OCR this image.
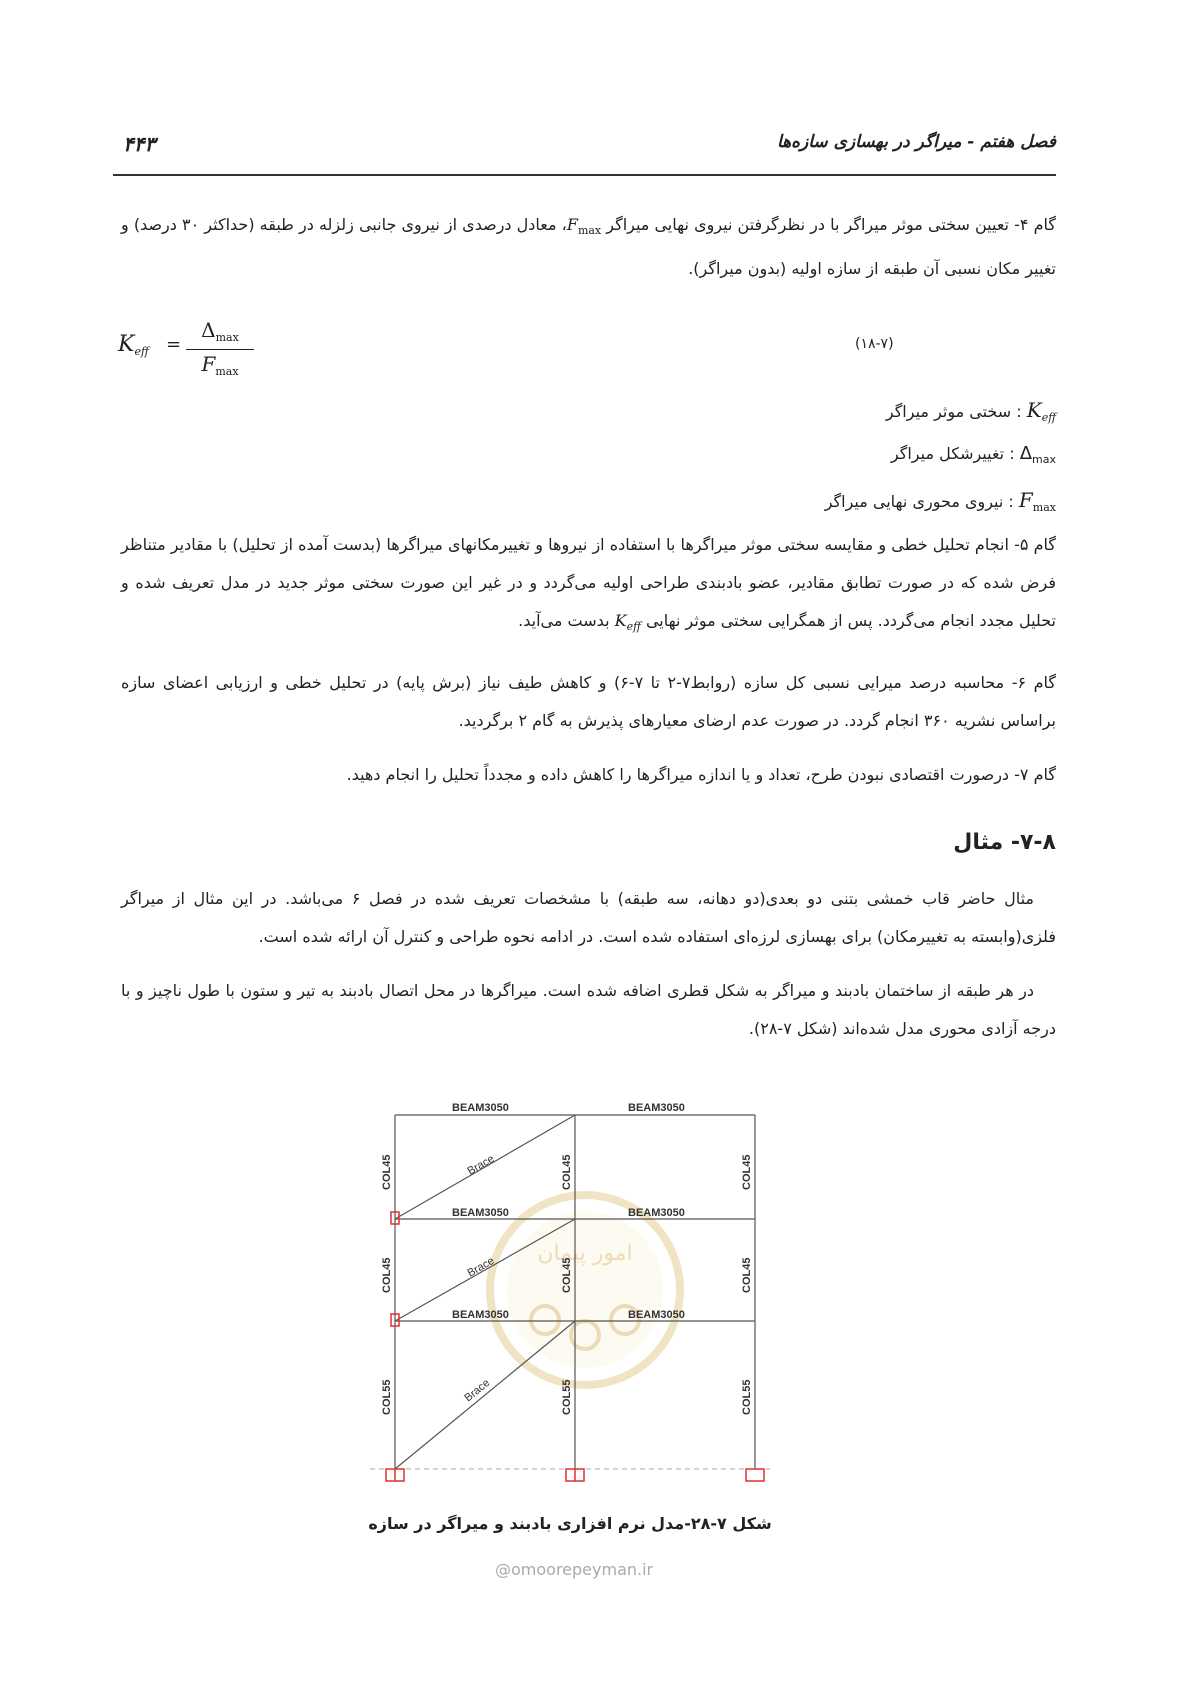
فصل هفتم - میراگر در بهسازی سازه‌ها
۴۴۳

گام ۴- تعیین سختی موثر میراگر با در نظرگرفتن نیروی نهایی میراگر $F_{max}،$ معادل درصدی از نیروی جانبی زلزله در طبقه (حداکثر ۳۰ درصد) و تغییر مکان نسبی آن طبقه از سازه اولیه (بدون میراگر).

$K_{eff}$ =
$\Delta_{max}$
$F_{max}$
(۱۸-۷)
$K_{eff}$ : سختی موثر میراگر
$\Delta_{max}$ : تغییرشکل میراگر
$F_{max}$ : نیروی محوری نهایی میراگر

گام ۵- انجام تحلیل خطی و مقایسه سختی موثر میراگرها با استفاده از نیروها و تغییرمکانهای میراگرها (بدست آمده از تحلیل) با مقادیر متناظر فرض شده که در صورت تطابق مقادیر، عضو بادبندی طراحی اولیه می‌گردد و در غیر این صورت سختی موثر جدید در مدل تعریف شده و تحلیل مجدد انجام می‌گردد. پس از همگرایی سختی موثر نهایی $K_{eff}$ بدست می‌آید.

گام ۶- محاسبه درصد میرایی نسبی کل سازه (روابط۷-۲ تا ۷-۶) و کاهش طیف نیاز (برش پایه) در تحلیل خطی و ارزیابی اعضای سازه براساس نشریه ۳۶۰ انجام گردد. در صورت عدم ارضای معیارهای پذیرش به گام ۲ برگردید.

گام ۷- درصورت اقتصادی نبودن طرح، تعداد و یا اندازه میراگرها را کاهش داده و مجدداً تحلیل را انجام دهید.

۷-۸- مثال

مثال حاضر قاب خمشی بتنی دو بعدی(دو دهانه، سه طبقه) با مشخصات تعریف شده در فصل ۶ می‌باشد. در این مثال از میراگر فلزی(وابسته به تغییرمکان) برای بهسازی لرزه‌ای استفاده شده است. در ادامه نحوه طراحی و کنترل آن ارائه شده است.

در هر طبقه از ساختمان بادبند و میراگر به شکل قطری اضافه شده است. میراگرها در محل اتصال بادبند به تیر و ستون با طول ناچیز و با درجه آزادی محوری مدل شده‌اند (شکل ۷-۲۸).

امور پیمان
BEAM3050	BEAM3050
BEAM3050	BEAM3050
BEAM3050	BEAM3050
COL45	COL45	COL45
COL45	COL45	COL45
COL55	COL55	COL55
Brace
Brace
Brace
شکل ۷-۲۸-مدل نرم افزاری بادبند و میراگر در سازه
@omoorepeyman.ir
